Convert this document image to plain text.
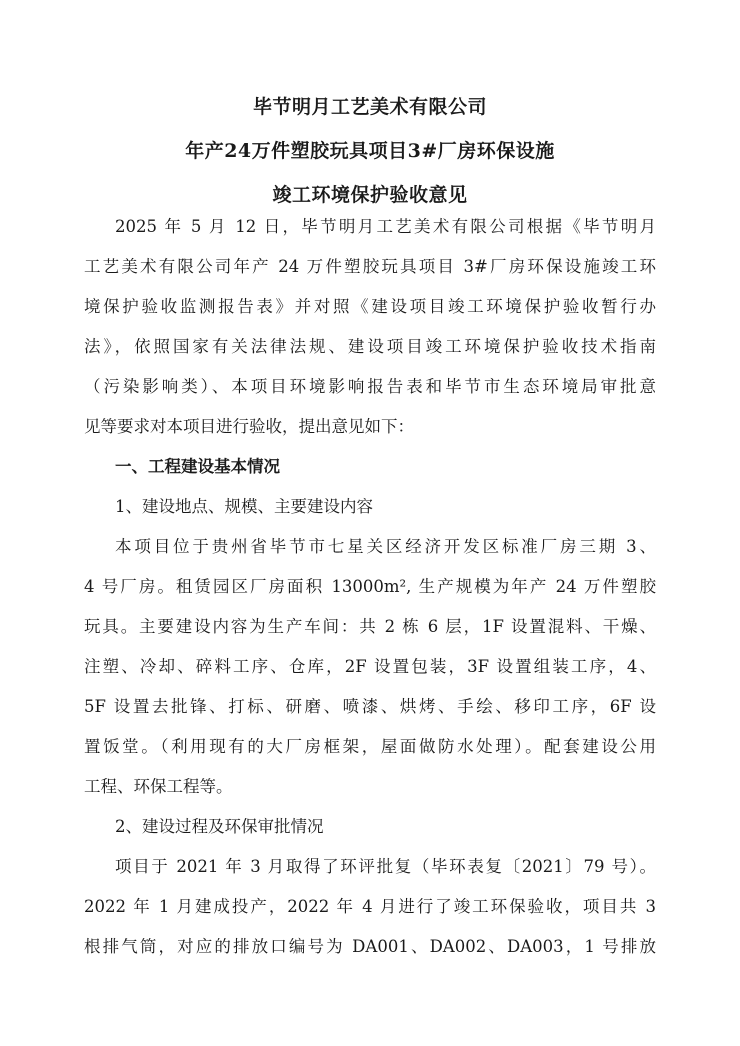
毕节明月工艺美术有限公司
年产24万件塑胶玩具项目3#厂房环保设施
竣工环境保护验收意见
2025 年 5 月 12 日，毕节明月工艺美术有限公司根据《毕节明月
工艺美术有限公司年产 24 万件塑胶玩具项目 3#厂房环保设施竣工环
境保护验收监测报告表》并对照《建设项目竣工环境保护验收暂行办
法》，依照国家有关法律法规、建设项目竣工环境保护验收技术指南
（污染影响类）、本项目环境影响报告表和毕节市生态环境局审批意
见等要求对本项目进行验收，提出意见如下：
一、工程建设基本情况
1、建设地点、规模、主要建设内容
本项目位于贵州省毕节市七星关区经济开发区标准厂房三期 3、
4 号厂房。租赁园区厂房面积 13000m², 生产规模为年产 24 万件塑胶
玩具。主要建设内容为生产车间：共 2 栋 6 层，1F 设置混料、干燥、
注塑、冷却、碎料工序、仓库，2F 设置包装，3F 设置组装工序，4、
5F 设置去批锋、打标、研磨、喷漆、烘烤、手绘、移印工序，6F 设
置饭堂。（利用现有的大厂房框架，屋面做防水处理）。配套建设公用
工程、环保工程等。
2、建设过程及环保审批情况
项目于 2021 年 3 月取得了环评批复（毕环表复〔2021〕79 号）。
2022 年 1 月建成投产，2022 年 4 月进行了竣工环保验收，项目共 3
根排气筒，对应的排放口编号为 DA001、DA002、DA003，1 号排放
